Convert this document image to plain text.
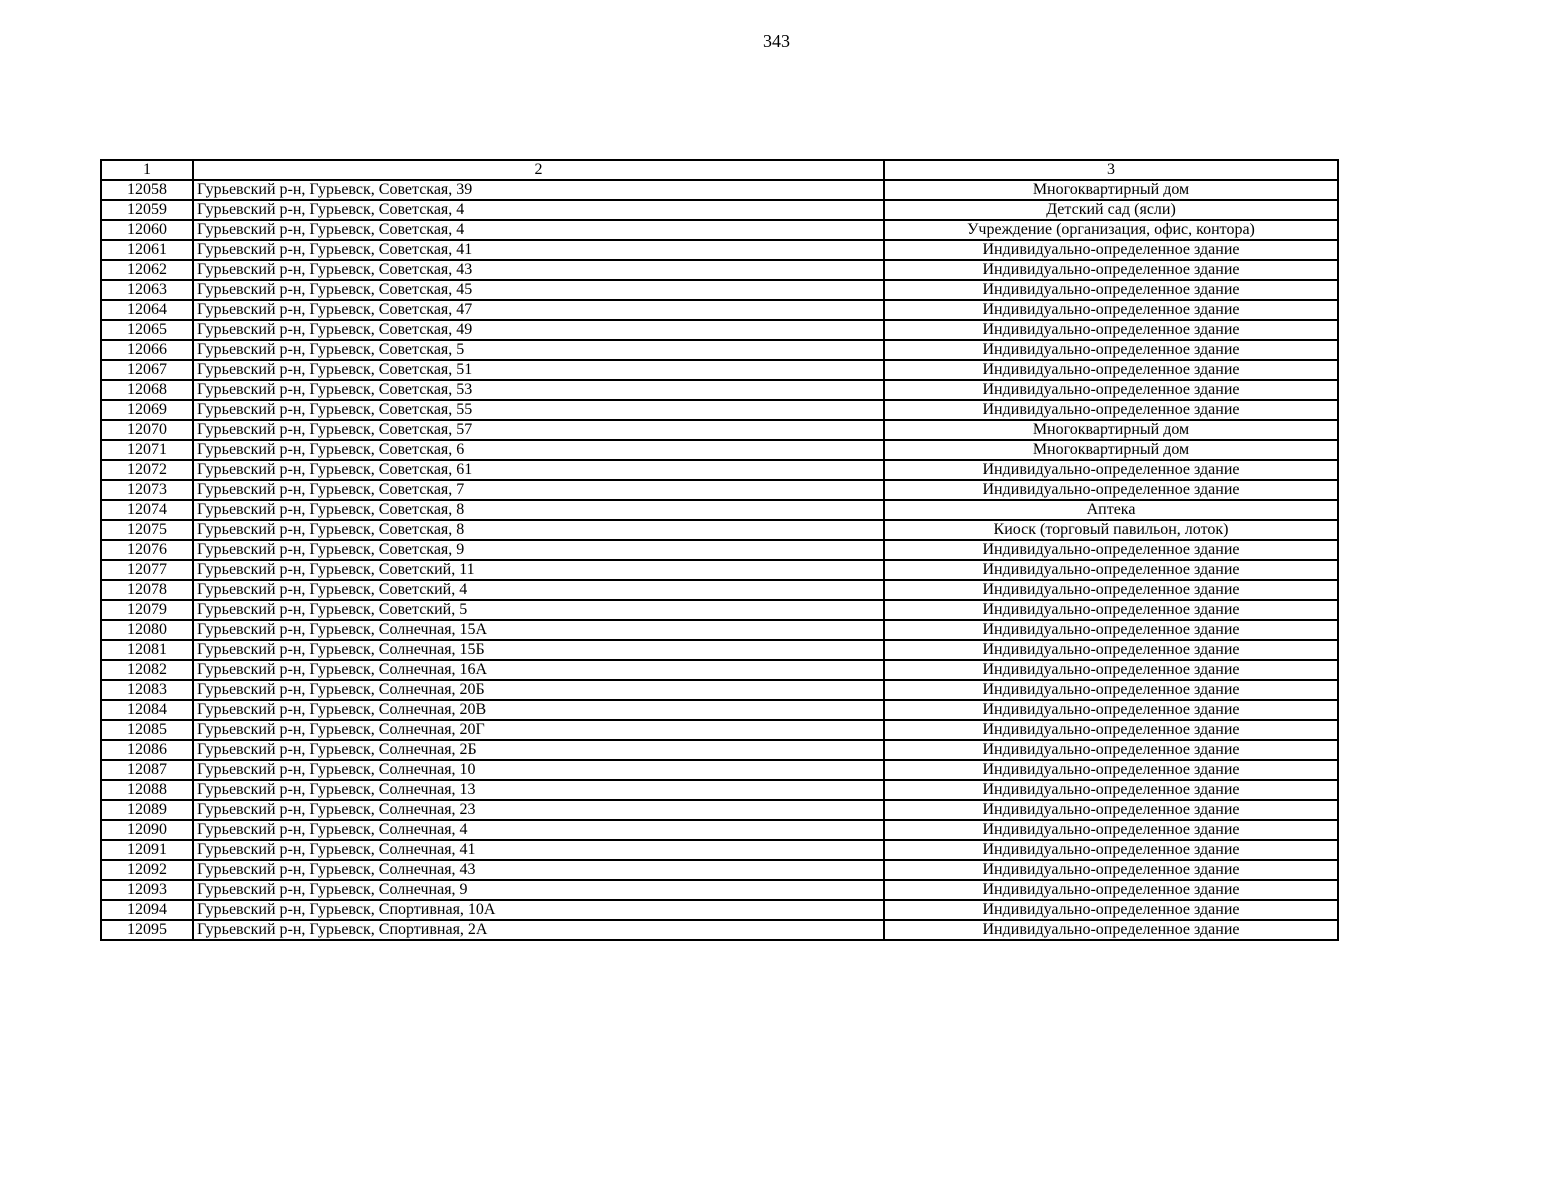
343
1	2	3
12058	Гурьевский р-н, Гурьевск, Советская, 39	Многоквартирный дом
12059	Гурьевский р-н, Гурьевск, Советская, 4	Детский сад (ясли)
12060	Гурьевский р-н, Гурьевск, Советская, 4	Учреждение (организация, офис, контора)
12061	Гурьевский р-н, Гурьевск, Советская, 41	Индивидуально-определенное здание
12062	Гурьевский р-н, Гурьевск, Советская, 43	Индивидуально-определенное здание
12063	Гурьевский р-н, Гурьевск, Советская, 45	Индивидуально-определенное здание
12064	Гурьевский р-н, Гурьевск, Советская, 47	Индивидуально-определенное здание
12065	Гурьевский р-н, Гурьевск, Советская, 49	Индивидуально-определенное здание
12066	Гурьевский р-н, Гурьевск, Советская, 5	Индивидуально-определенное здание
12067	Гурьевский р-н, Гурьевск, Советская, 51	Индивидуально-определенное здание
12068	Гурьевский р-н, Гурьевск, Советская, 53	Индивидуально-определенное здание
12069	Гурьевский р-н, Гурьевск, Советская, 55	Индивидуально-определенное здание
12070	Гурьевский р-н, Гурьевск, Советская, 57	Многоквартирный дом
12071	Гурьевский р-н, Гурьевск, Советская, 6	Многоквартирный дом
12072	Гурьевский р-н, Гурьевск, Советская, 61	Индивидуально-определенное здание
12073	Гурьевский р-н, Гурьевск, Советская, 7	Индивидуально-определенное здание
12074	Гурьевский р-н, Гурьевск, Советская, 8	Аптека
12075	Гурьевский р-н, Гурьевск, Советская, 8	Киоск (торговый павильон, лоток)
12076	Гурьевский р-н, Гурьевск, Советская, 9	Индивидуально-определенное здание
12077	Гурьевский р-н, Гурьевск, Советский, 11	Индивидуально-определенное здание
12078	Гурьевский р-н, Гурьевск, Советский, 4	Индивидуально-определенное здание
12079	Гурьевский р-н, Гурьевск, Советский, 5	Индивидуально-определенное здание
12080	Гурьевский р-н, Гурьевск, Солнечная, 15А	Индивидуально-определенное здание
12081	Гурьевский р-н, Гурьевск, Солнечная, 15Б	Индивидуально-определенное здание
12082	Гурьевский р-н, Гурьевск, Солнечная, 16А	Индивидуально-определенное здание
12083	Гурьевский р-н, Гурьевск, Солнечная, 20Б	Индивидуально-определенное здание
12084	Гурьевский р-н, Гурьевск, Солнечная, 20В	Индивидуально-определенное здание
12085	Гурьевский р-н, Гурьевск, Солнечная, 20Г	Индивидуально-определенное здание
12086	Гурьевский р-н, Гурьевск, Солнечная, 2Б	Индивидуально-определенное здание
12087	Гурьевский р-н, Гурьевск, Солнечная, 10	Индивидуально-определенное здание
12088	Гурьевский р-н, Гурьевск, Солнечная, 13	Индивидуально-определенное здание
12089	Гурьевский р-н, Гурьевск, Солнечная, 23	Индивидуально-определенное здание
12090	Гурьевский р-н, Гурьевск, Солнечная, 4	Индивидуально-определенное здание
12091	Гурьевский р-н, Гурьевск, Солнечная, 41	Индивидуально-определенное здание
12092	Гурьевский р-н, Гурьевск, Солнечная, 43	Индивидуально-определенное здание
12093	Гурьевский р-н, Гурьевск, Солнечная, 9	Индивидуально-определенное здание
12094	Гурьевский р-н, Гурьевск, Спортивная, 10А	Индивидуально-определенное здание
12095	Гурьевский р-н, Гурьевск, Спортивная, 2А	Индивидуально-определенное здание
